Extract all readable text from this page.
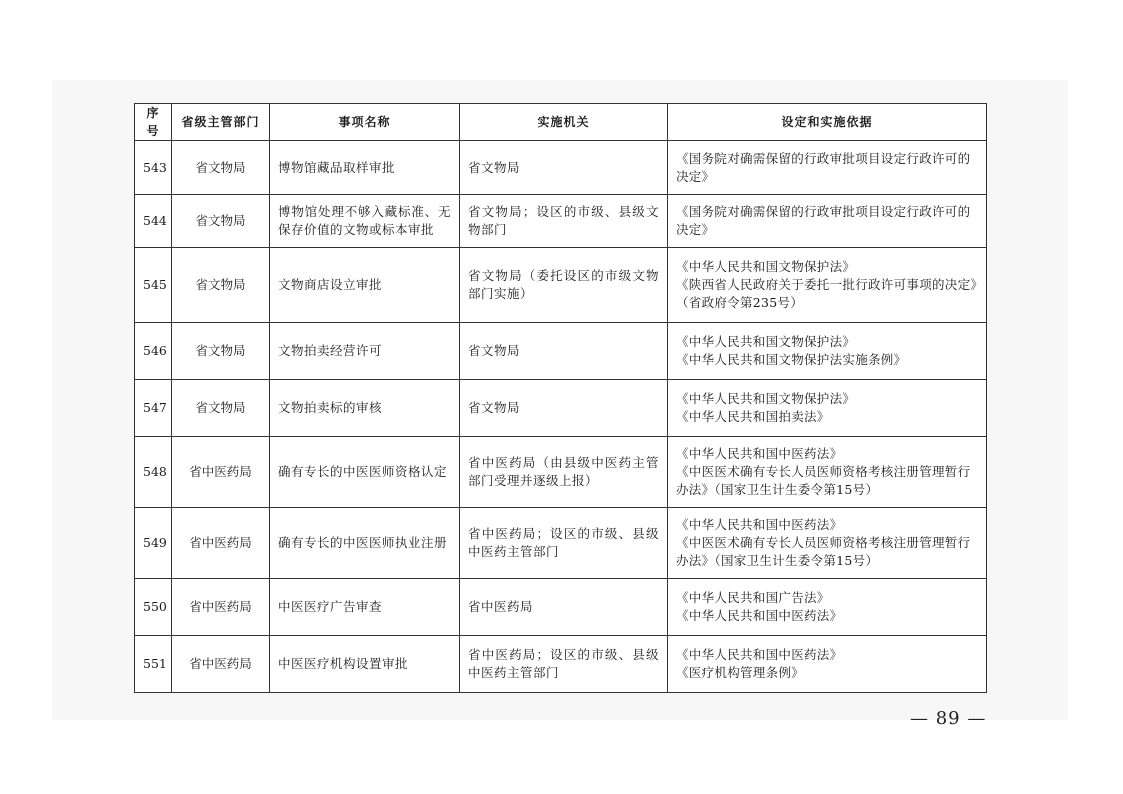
序号	省级主管部门	事项名称	实施机关	设定和实施依据
543	省文物局	博物馆藏品取样审批	省文物局	《国务院对确需保留的行政审批项目设定行政许可的决定》

544	省文物局	博物馆处理不够入藏标准、无保存价值的文物或标本审批	省文物局；设区的市级、县级文物部门	《国务院对确需保留的行政审批项目设定行政许可的决定》

545	省文物局	文物商店设立审批	省文物局（委托设区的市级文物部门实施）	《中华人民共和国文物保护法》
《陕西省人民政府关于委托一批行政许可事项的决定》（省政府令第235号）

546	省文物局	文物拍卖经营许可	省文物局	《中华人民共和国文物保护法》
《中华人民共和国文物保护法实施条例》

547	省文物局	文物拍卖标的审核	省文物局	《中华人民共和国文物保护法》
《中华人民共和国拍卖法》

548	省中医药局	确有专长的中医医师资格认定	省中医药局（由县级中医药主管部门受理并逐级上报）	《中华人民共和国中医药法》
《中医医术确有专长人员医师资格考核注册管理暂行办法》（国家卫生计生委令第15号）

549	省中医药局	确有专长的中医医师执业注册	省中医药局；设区的市级、县级中医药主管部门	《中华人民共和国中医药法》
《中医医术确有专长人员医师资格考核注册管理暂行办法》（国家卫生计生委令第15号）

550	省中医药局	中医医疗广告审查	省中医药局	《中华人民共和国广告法》
《中华人民共和国中医药法》

551	省中医药局	中医医疗机构设置审批	省中医药局；设区的市级、县级中医药主管部门	《中华人民共和国中医药法》
《医疗机构管理条例》
— 89 —
